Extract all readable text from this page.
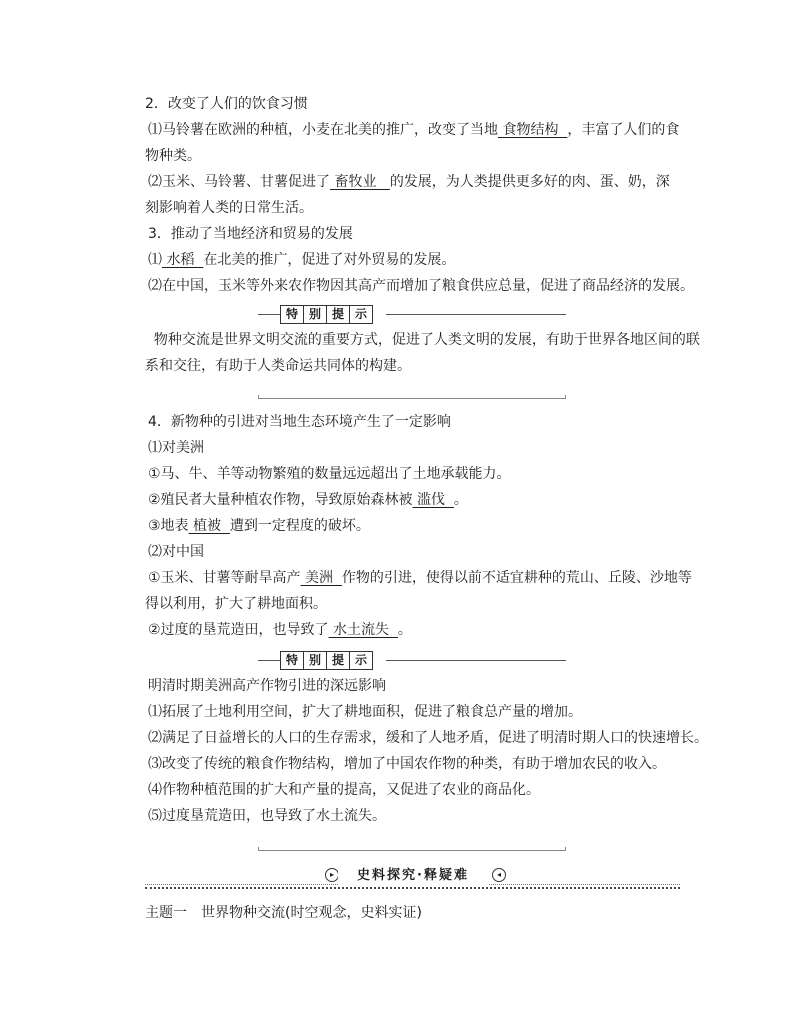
2．改变了人们的饮食习惯
⑴马铃薯在欧洲的种植，小麦在北美的推广，改变了当地 食物结构 ，丰富了人们的食
物种类。
⑵玉米、马铃薯、甘薯促进了 畜牧业 的发展，为人类提供更多好的肉、蛋、奶，深
刻影响着人类的日常生活。
3．推动了当地经济和贸易的发展
⑴ 水稻 在北美的推广，促进了对外贸易的发展。
⑵在中国，玉米等外来农作物因其高产而增加了粮食供应总量，促进了商品经济的发展。
特 别 提 示
物种交流是世界文明交流的重要方式，促进了人类文明的发展，有助于世界各地区间的联
系和交往，有助于人类命运共同体的构建。
4．新物种的引进对当地生态环境产生了一定影响
⑴对美洲
①马、牛、羊等动物繁殖的数量远远超出了土地承载能力。
②殖民者大量种植农作物，导致原始森林被 滥伐 。
③地表 植被 遭到一定程度的破坏。
⑵对中国
①玉米、甘薯等耐旱高产 美洲 作物的引进，使得以前不适宜耕种的荒山、丘陵、沙地等
得以利用，扩大了耕地面积。
②过度的垦荒造田，也导致了 水土流失 。
特 别 提 示
明清时期美洲高产作物引进的深远影响
⑴拓展了土地利用空间，扩大了耕地面积，促进了粮食总产量的增加。
⑵满足了日益增长的人口的生存需求，缓和了人地矛盾，促进了明清时期人口的快速增长。
⑶改变了传统的粮食作物结构，增加了中国农作物的种类，有助于增加农民的收入。
⑷作物种植范围的扩大和产量的提高，又促进了农业的商品化。
⑸过度垦荒造田，也导致了水土流失。
▸	史料探究·释疑难	◂
主题一　世界物种交流(时空观念，史料实证)
